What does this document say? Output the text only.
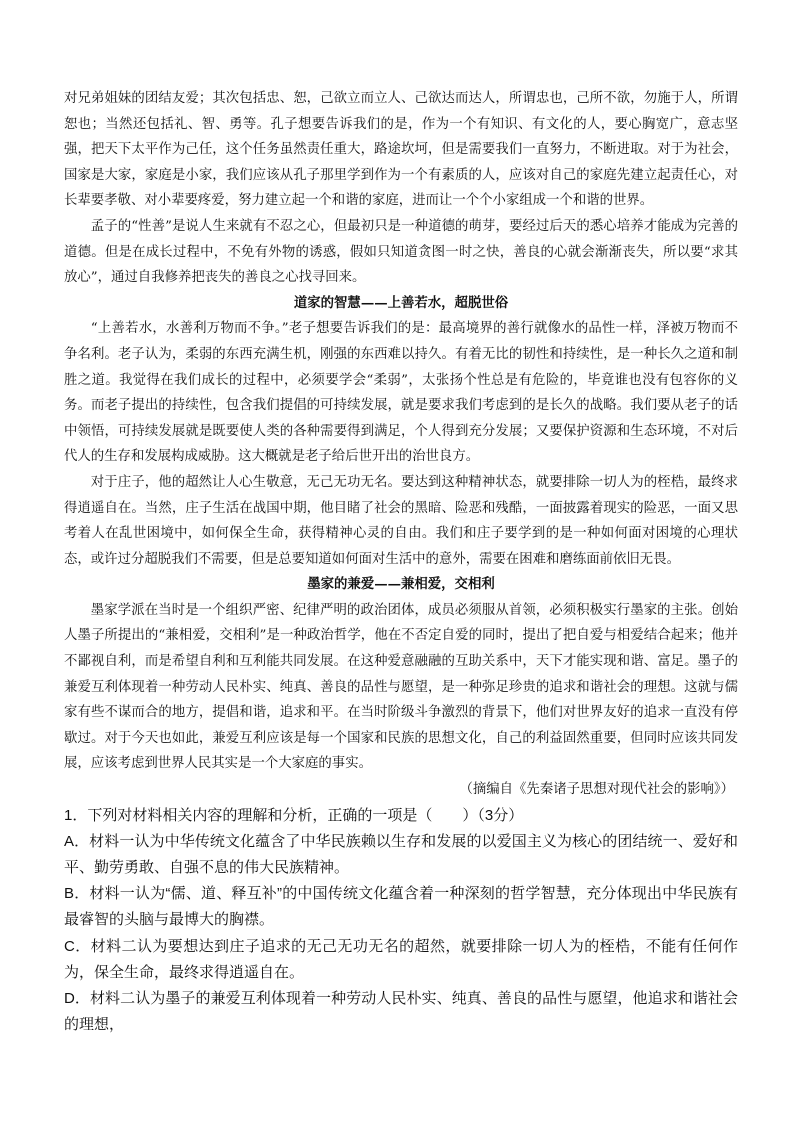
对兄弟姐妹的团结友爱；其次包括忠、恕，己欲立而立人、己欲达而达人，所谓忠也，己所不欲，勿施于人，所谓恕也；当然还包括礼、智、勇等。孔子想要告诉我们的是，作为一个有知识、有文化的人，要心胸宽广，意志坚强，把天下太平作为己任，这个任务虽然责任重大，路途坎坷，但是需要我们一直努力，不断进取。对于为社会，国家是大家，家庭是小家，我们应该从孔子那里学到作为一个有素质的人，应该对自己的家庭先建立起责任心，对长辈要孝敬、对小辈要疼爱，努力建立起一个和谐的家庭，进而让一个个小家组成一个和谐的世界。

孟子的“性善”是说人生来就有不忍之心，但最初只是一种道德的萌芽，要经过后天的悉心培养才能成为完善的道德。但是在成长过程中，不免有外物的诱惑，假如只知道贪图一时之快，善良的心就会渐渐丧失，所以要“求其放心”，通过自我修养把丧失的善良之心找寻回来。

道家的智慧——上善若水，超脱世俗

“上善若水，水善利万物而不争。”老子想要告诉我们的是：最高境界的善行就像水的品性一样，泽被万物而不争名利。老子认为，柔弱的东西充满生机，刚强的东西难以持久。有着无比的韧性和持续性，是一种长久之道和制胜之道。我觉得在我们成长的过程中，必须要学会“柔弱”，太张扬个性总是有危险的，毕竟谁也没有包容你的义务。而老子提出的持续性，包含我们提倡的可持续发展，就是要求我们考虑到的是长久的战略。我们要从老子的话中领悟，可持续发展就是既要使人类的各种需要得到满足，个人得到充分发展；又要保护资源和生态环境，不对后代人的生存和发展构成威胁。这大概就是老子给后世开出的治世良方。

对于庄子，他的超然让人心生敬意，无己无功无名。要达到这种精神状态，就要排除一切人为的桎梏，最终求得逍遥自在。当然，庄子生活在战国中期，他目睹了社会的黑暗、险恶和残酷，一面披露着现实的险恶，一面又思考着人在乱世困境中，如何保全生命，获得精神心灵的自由。我们和庄子要学到的是一种如何面对困境的心理状态，或许过分超脱我们不需要，但是总要知道如何面对生活中的意外，需要在困难和磨练面前依旧无畏。

墨家的兼爱——兼相爱，交相利

墨家学派在当时是一个组织严密、纪律严明的政治团体，成员必须服从首领，必须积极实行墨家的主张。创始人墨子所提出的“兼相爱，交相利”是一种政治哲学，他在不否定自爱的同时，提出了把自爱与相爱结合起来；他并不鄙视自利，而是希望自利和互利能共同发展。在这种爱意融融的互助关系中，天下才能实现和谐、富足。墨子的兼爱互利体现着一种劳动人民朴实、纯真、善良的品性与愿望，是一种弥足珍贵的追求和谐社会的理想。这就与儒家有些不谋而合的地方，提倡和谐，追求和平。在当时阶级斗争激烈的背景下，他们对世界友好的追求一直没有停歇过。对于今天也如此，兼爱互利应该是每一个国家和民族的思想文化，自己的利益固然重要，但同时应该共同发展，应该考虑到世界人民其实是一个大家庭的事实。

（摘编自《先秦诸子思想对现代社会的影响》）

1．下列对材料相关内容的理解和分析，正确的一项是（　　）（3分）

A．材料一认为中华传统文化蕴含了中华民族赖以生存和发展的以爱国主义为核心的团结统一、爱好和平、勤劳勇敢、自强不息的伟大民族精神。

B．材料一认为“儒、道、释互补”的中国传统文化蕴含着一种深刻的哲学智慧，充分体现出中华民族有最睿智的头脑与最博大的胸襟。

C．材料二认为要想达到庄子追求的无己无功无名的超然，就要排除一切人为的桎梏，不能有任何作为，保全生命，最终求得逍遥自在。

D．材料二认为墨子的兼爱互利体现着一种劳动人民朴实、纯真、善良的品性与愿望，他追求和谐社会的理想，
